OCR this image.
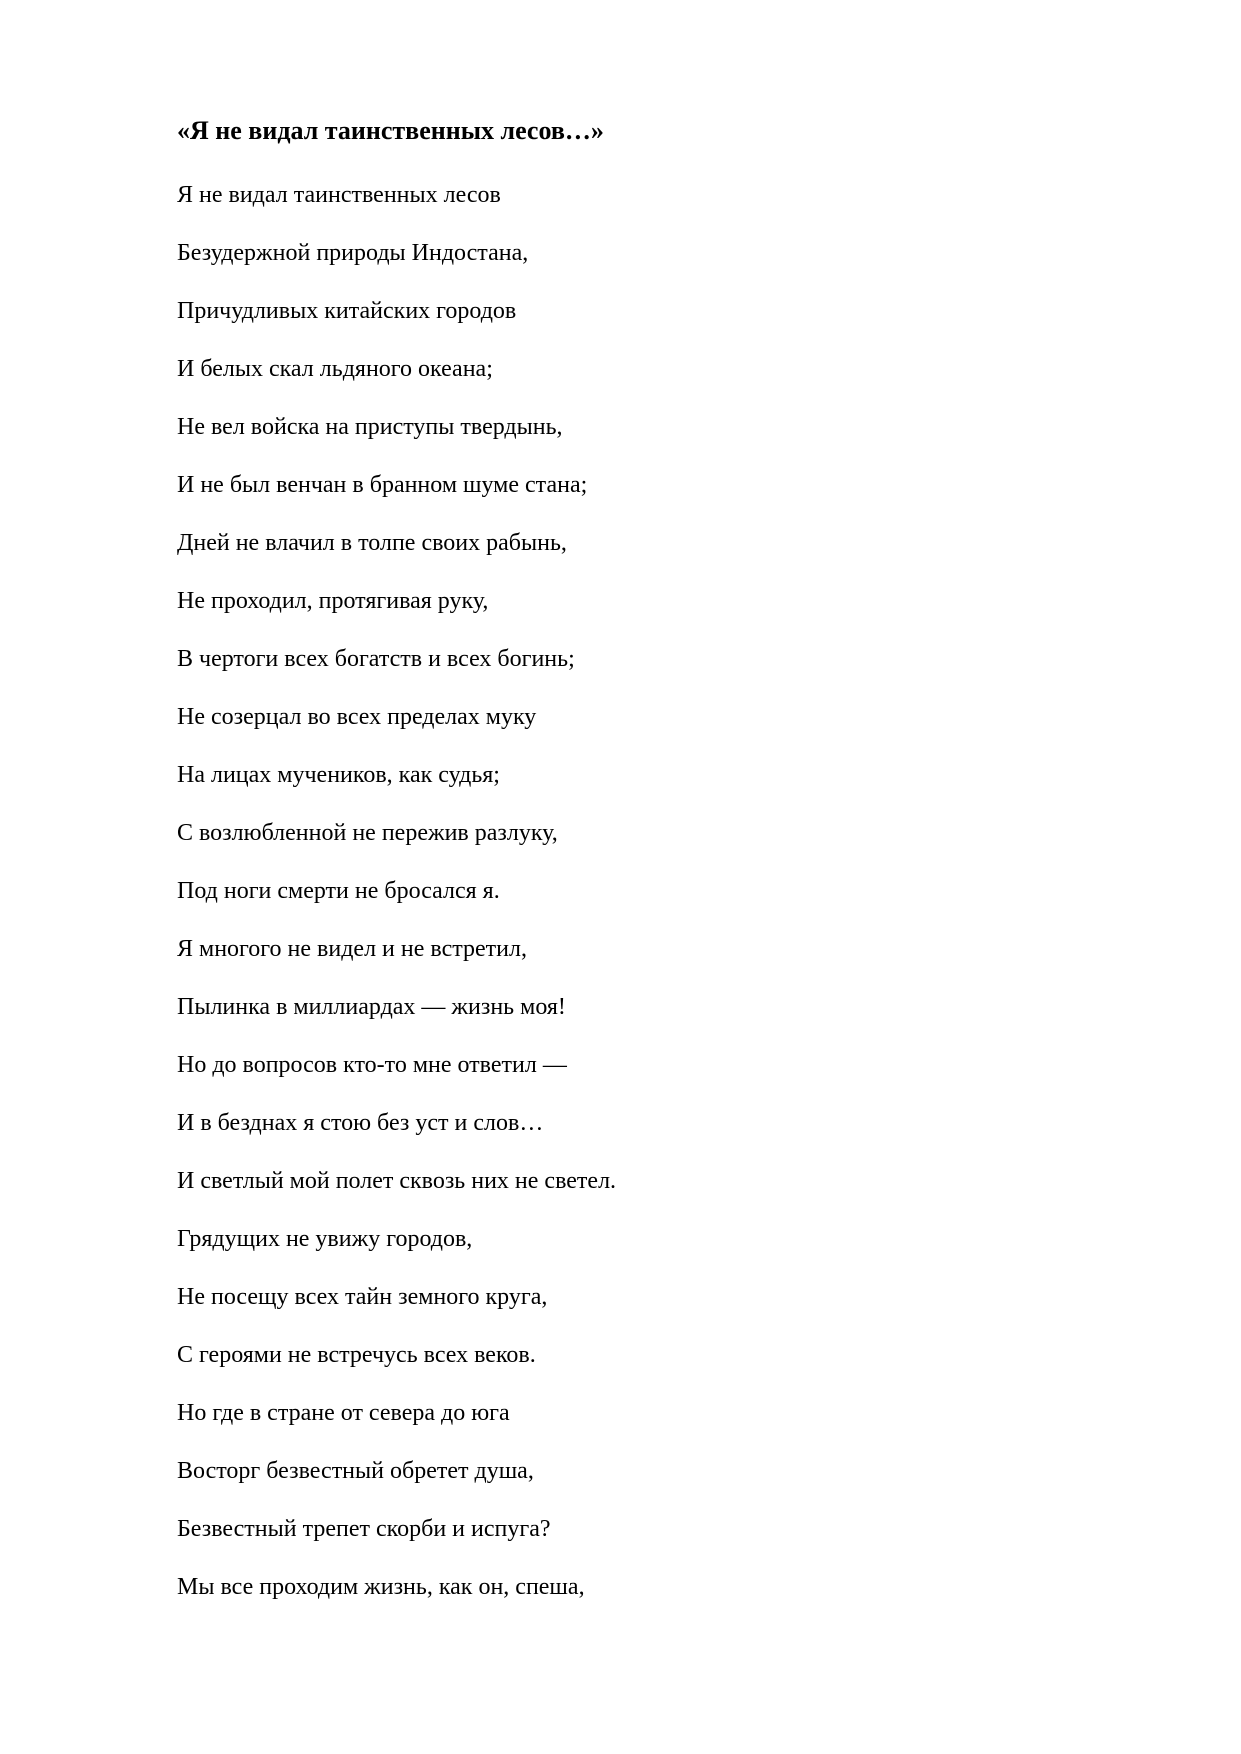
«Я не видал таинственных лесов…»
Я не видал таинственных лесов
Безудержной природы Индостана,
Причудливых китайских городов
И белых скал льдяного океана;
Не вел войска на приступы твердынь,
И не был венчан в бранном шуме стана;
Дней не влачил в толпе своих рабынь,
Не проходил, протягивая руку,
В чертоги всех богатств и всех богинь;
Не созерцал во всех пределах муку
На лицах мучеников, как судья;
С возлюбленной не пережив разлуку,
Под ноги смерти не бросался я.
Я многого не видел и не встретил,
Пылинка в миллиардах — жизнь моя!
Но до вопросов кто-то мне ответил —
И в безднах я стою без уст и слов…
И светлый мой полет сквозь них не светел.
Грядущих не увижу городов,
Не посещу всех тайн земного круга,
С героями не встречусь всех веков.
Но где в стране от севера до юга
Восторг безвестный обретет душа,
Безвестный трепет скорби и испуга?
Мы все проходим жизнь, как он, спеша,
